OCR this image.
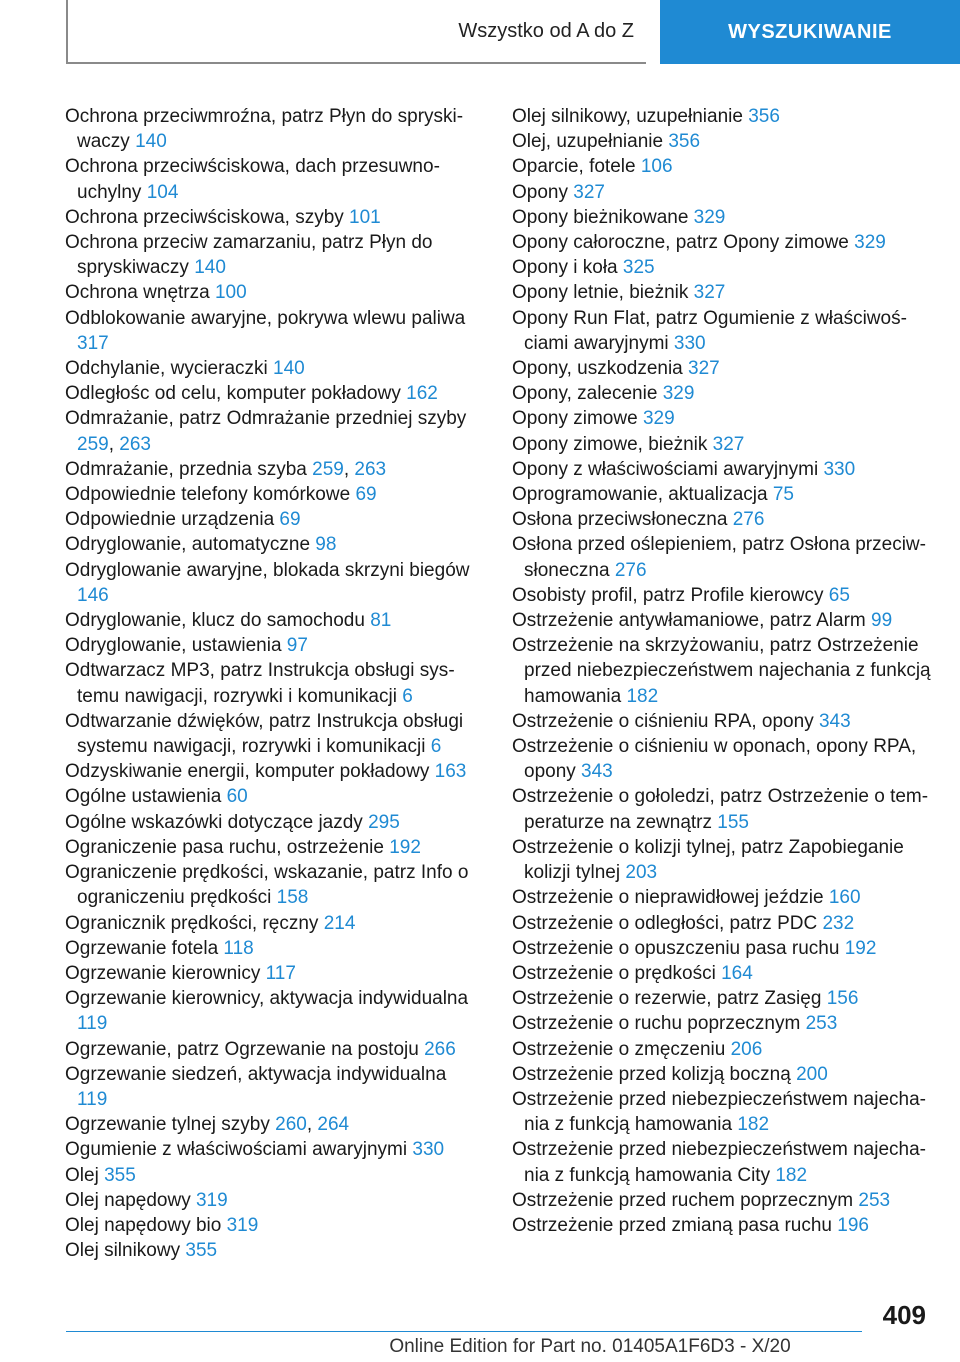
Wszystko od A do Z	WYSZUKIWANIE
Ochrona przeciwmroźna, patrz Płyn do spryskiwaczy 140
Ochrona przeciwściskowa, dach przesuwnouchylny 104
Ochrona przeciwściskowa, szyby 101
Ochrona przeciw zamarzaniu, patrz Płyn do spryskiwaczy 140
Ochrona wnętrza 100
Odblokowanie awaryjne, pokrywa wlewu paliwa 317
Odchylanie, wycieraczki 140
Odległośc od celu, komputer pokładowy 162
Odmrażanie, patrz Odmrażanie przedniej szyby 259, 263
Odmrażanie, przednia szyba 259, 263
Odpowiednie telefony komórkowe 69
Odpowiednie urządzenia 69
Odryglowanie, automatyczne 98
Odryglowanie awaryjne, blokada skrzyni biegów 146
Odryglowanie, klucz do samochodu 81
Odryglowanie, ustawienia 97
Odtwarzacz MP3, patrz Instrukcja obsługi systemu nawigacji, rozrywki i komunikacji 6
Odtwarzanie dźwięków, patrz Instrukcja obsługi systemu nawigacji, rozrywki i komunikacji 6
Odzyskiwanie energii, komputer pokładowy 163
Ogólne ustawienia 60
Ogólne wskazówki dotyczące jazdy 295
Ograniczenie pasa ruchu, ostrzeżenie 192
Ograniczenie prędkości, wskazanie, patrz Info o ograniczeniu prędkości 158
Ogranicznik prędkości, ręczny 214
Ogrzewanie fotela 118
Ogrzewanie kierownicy 117
Ogrzewanie kierownicy, aktywacja indywidualna 119
Ogrzewanie, patrz Ogrzewanie na postoju 266
Ogrzewanie siedzeń, aktywacja indywidualna 119
Ogrzewanie tylnej szyby 260, 264
Ogumienie z właściwościami awaryjnymi 330
Olej 355
Olej napędowy 319
Olej napędowy bio 319
Olej silnikowy 355
Olej silnikowy, uzupełnianie 356
Olej, uzupełnianie 356
Oparcie, fotele 106
Opony 327
Opony bieżnikowane 329
Opony całoroczne, patrz Opony zimowe 329
Opony i koła 325
Opony letnie, bieżnik 327
Opony Run Flat, patrz Ogumienie z właściwościami awaryjnymi 330
Opony, uszkodzenia 327
Opony, zalecenie 329
Opony zimowe 329
Opony zimowe, bieżnik 327
Opony z właściwościami awaryjnymi 330
Oprogramowanie, aktualizacja 75
Osłona przeciwsłoneczna 276
Osłona przed oślepieniem, patrz Osłona przeciwsłoneczna 276
Osobisty profil, patrz Profile kierowcy 65
Ostrzeżenie antywłamaniowe, patrz Alarm 99
Ostrzeżenie na skrzyżowaniu, patrz Ostrzeżenie przed niebezpieczeństwem najechania z funkcją hamowania 182
Ostrzeżenie o ciśnieniu RPA, opony 343
Ostrzeżenie o ciśnieniu w oponach, opony RPA, opony 343
Ostrzeżenie o gołoledzi, patrz Ostrzeżenie o temperaturze na zewnątrz 155
Ostrzeżenie o kolizji tylnej, patrz Zapobieganie kolizji tylnej 203
Ostrzeżenie o nieprawidłowej jeździe 160
Ostrzeżenie o odległości, patrz PDC 232
Ostrzeżenie o opuszczeniu pasa ruchu 192
Ostrzeżenie o prędkości 164
Ostrzeżenie o rezerwie, patrz Zasięg 156
Ostrzeżenie o ruchu poprzecznym 253
Ostrzeżenie o zmęczeniu 206
Ostrzeżenie przed kolizją boczną 200
Ostrzeżenie przed niebezpieczeństwem najechania z funkcją hamowania 182
Ostrzeżenie przed niebezpieczeństwem najechania z funkcją hamowania City 182
Ostrzeżenie przed ruchem poprzecznym 253
Ostrzeżenie przed zmianą pasa ruchu 196
409
Online Edition for Part no. 01405A1F6D3 - X/20
